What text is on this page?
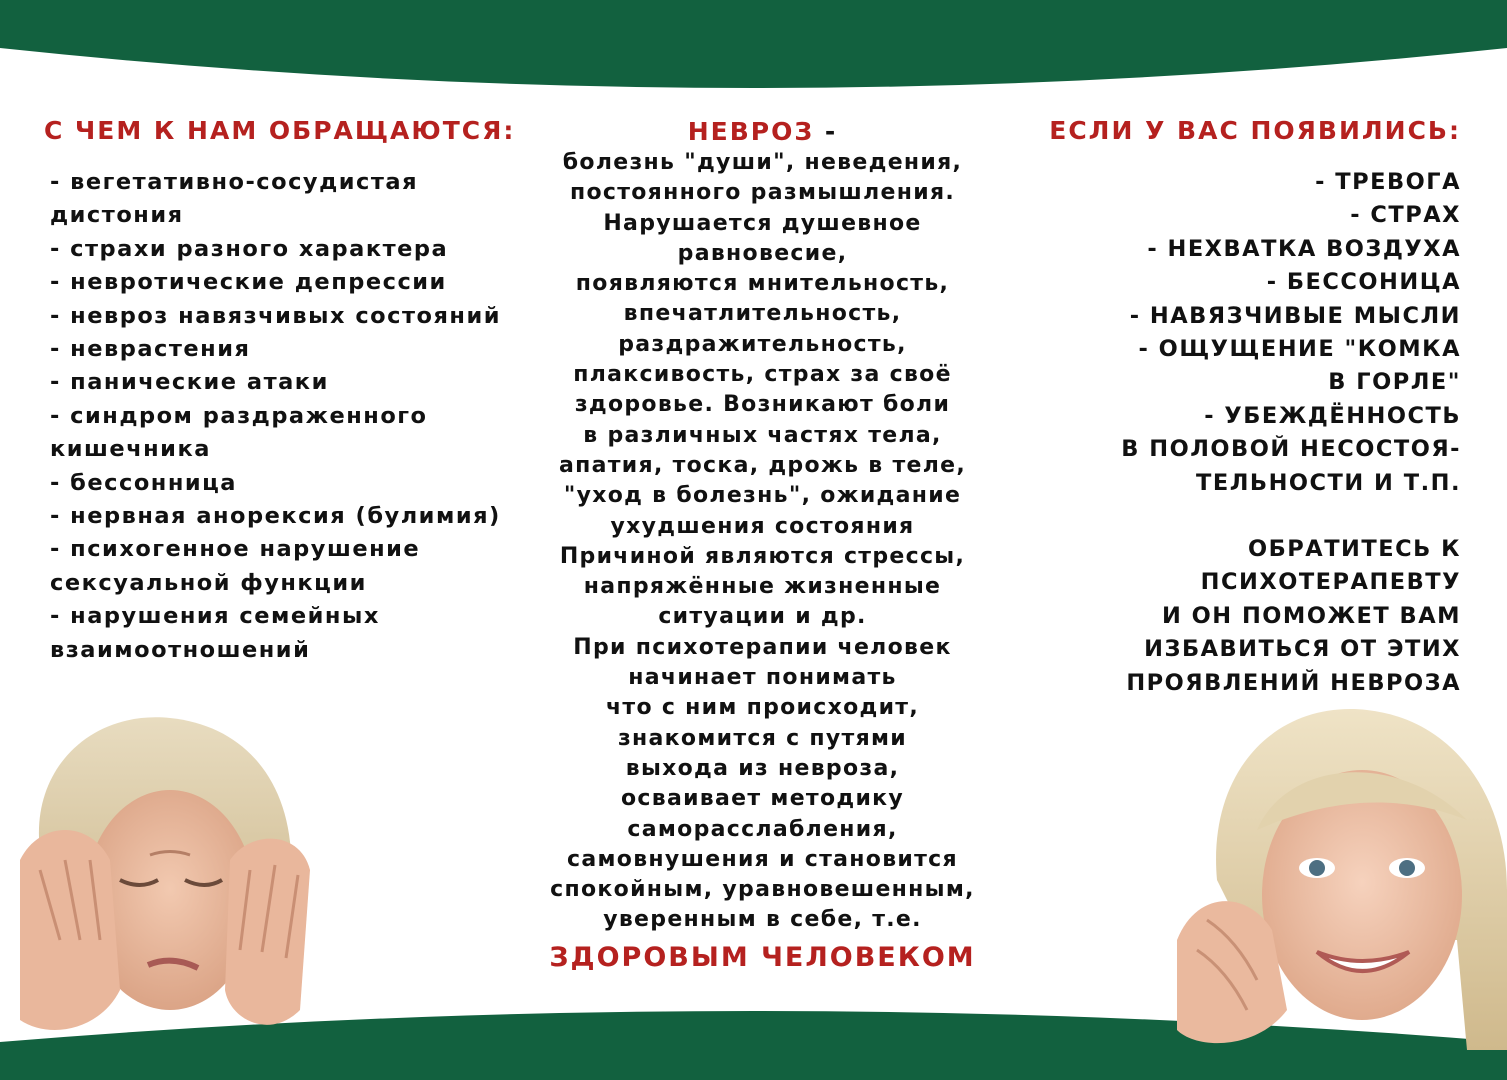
С ЧЕМ К НАМ ОБРАЩАЮТСЯ:

- вегетативно-сосудистая дистония

- страхи разного характера

- невротические депрессии

- невроз навязчивых состояний

- неврастения

- панические атаки

- синдром раздраженного кишечника

- бессонница

- нервная анорексия (булимия)

- психогенное нарушение сексуальной функции

- нарушения семейных взаимоотношений

НЕВРОЗ -

болезнь "души", неведения,
постоянного размышления.
Нарушается душевное
равновесие,
появляются мнительность,
впечатлительность,
раздражительность,
плаксивость, страх за своё
здоровье. Возникают боли
в различных частях тела,
апатия, тоска, дрожь в теле,
"уход в болезнь", ожидание
ухудшения состояния
Причиной являются стрессы,
напряжённые жизненные
ситуации и др.
При психотерапии человек
начинает понимать
что с ним происходит,
знакомится с путями
выхода из невроза,
осваивает методику
саморасслабления,
самовнушения и становится
спокойным, уравновешенным,
уверенным в себе, т.е.
ЗДОРОВЫМ ЧЕЛОВЕКОМ
ЕСЛИ У ВАС ПОЯВИЛИСЬ:
- ТРЕВОГА
- СТРАХ
- НЕХВАТКА ВОЗДУХА
- БЕССОНИЦА
- НАВЯЗЧИВЫЕ МЫСЛИ
- ОЩУЩЕНИЕ "КОМКА
В ГОРЛЕ"
- УБЕЖДЁННОСТЬ
В ПОЛОВОЙ НЕСОСТОЯ-
ТЕЛЬНОСТИ И Т.П.
ОБРАТИТЕСЬ К
ПСИХОТЕРАПЕВТУ
И ОН ПОМОЖЕТ ВАМ
ИЗБАВИТЬСЯ ОТ ЭТИХ
ПРОЯВЛЕНИЙ НЕВРОЗА
